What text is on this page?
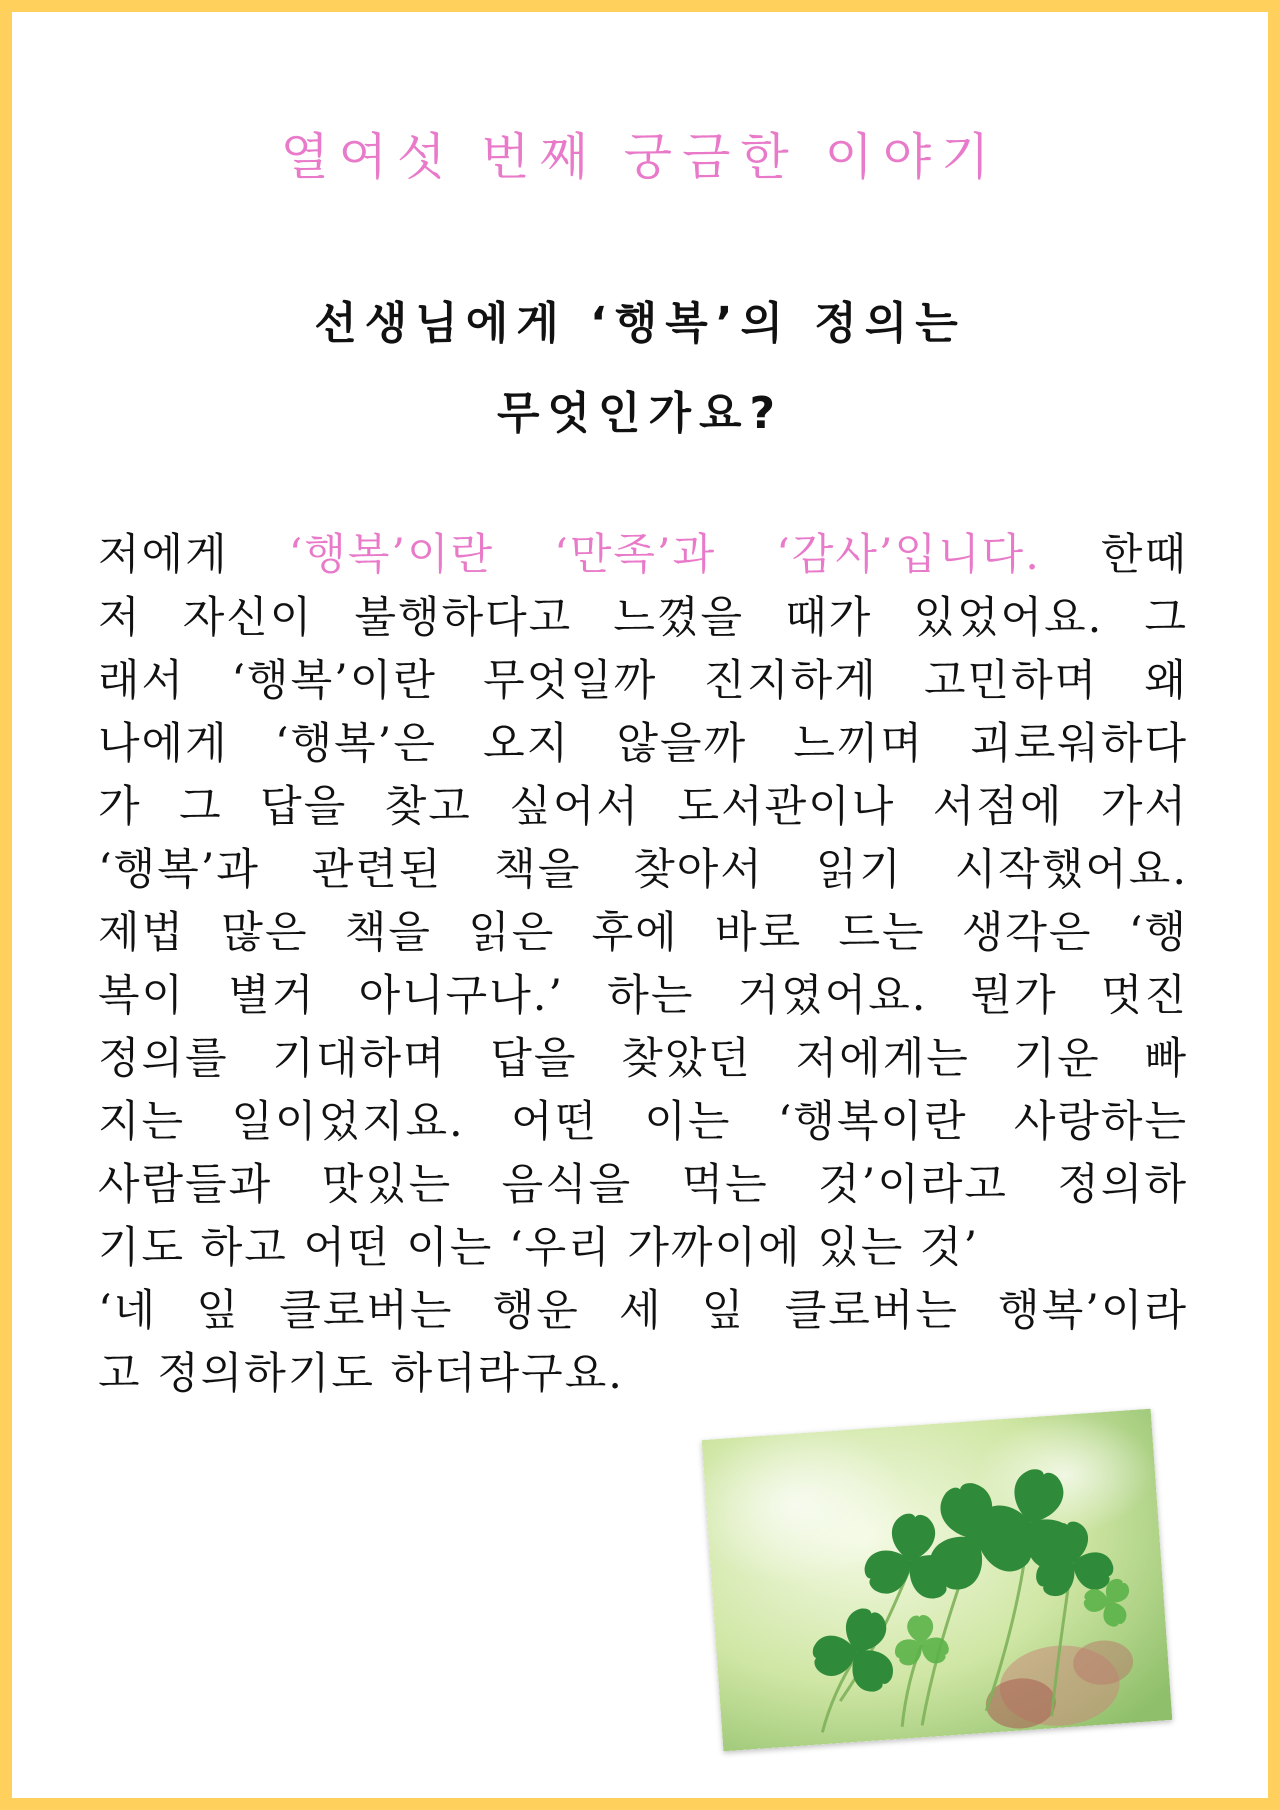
열여섯 번째 궁금한 이야기
선생님에게 ‘행복’의 정의는
무엇인가요?
저에게 ‘행복’이란 ‘만족’과 ‘감사’입니다. 한때
저 자신이 불행하다고 느꼈을 때가 있었어요. 그
래서 ‘행복’이란 무엇일까 진지하게 고민하며 왜
나에게 ‘행복’은 오지 않을까 느끼며 괴로워하다
가 그 답을 찾고 싶어서 도서관이나 서점에 가서
‘행복’과 관련된 책을 찾아서 읽기 시작했어요.
제법 많은 책을 읽은 후에 바로 드는 생각은 ‘행
복이 별거 아니구나.’ 하는 거였어요. 뭔가 멋진
정의를 기대하며 답을 찾았던 저에게는 기운 빠
지는 일이었지요. 어떤 이는 ‘행복이란 사랑하는
사람들과 맛있는 음식을 먹는 것’이라고 정의하
기도 하고 어떤 이는 ‘우리 가까이에 있는 것’
‘네 잎 클로버는 행운 세 잎 클로버는 행복’이라
고 정의하기도 하더라구요.
